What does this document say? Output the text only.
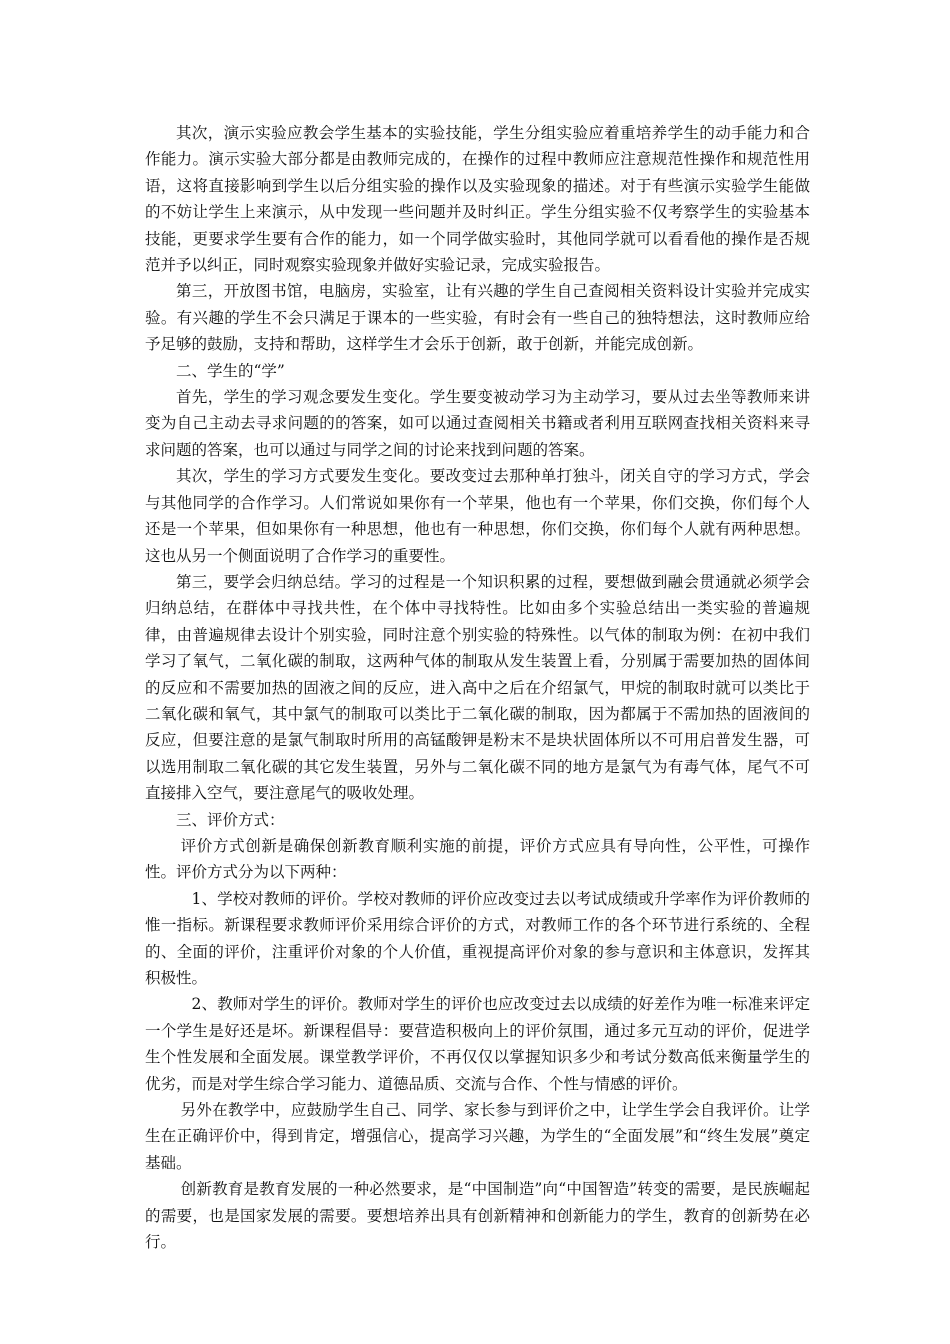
其次，演示实验应教会学生基本的实验技能，学生分组实验应着重培养学生的动手能力和合作能力。演示实验大部分都是由教师完成的，在操作的过程中教师应注意规范性操作和规范性用语，这将直接影响到学生以后分组实验的操作以及实验现象的描述。对于有些演示实验学生能做的不妨让学生上来演示，从中发现一些问题并及时纠正。学生分组实验不仅考察学生的实验基本技能，更要求学生要有合作的能力，如一个同学做实验时，其他同学就可以看看他的操作是否规范并予以纠正，同时观察实验现象并做好实验记录，完成实验报告。

第三，开放图书馆，电脑房，实验室，让有兴趣的学生自己查阅相关资料设计实验并完成实验。有兴趣的学生不会只满足于课本的一些实验，有时会有一些自己的独特想法，这时教师应给予足够的鼓励，支持和帮助，这样学生才会乐于创新，敢于创新，并能完成创新。

二、学生的“学”

首先，学生的学习观念要发生变化。学生要变被动学习为主动学习，要从过去坐等教师来讲变为自己主动去寻求问题的的答案，如可以通过查阅相关书籍或者利用互联网查找相关资料来寻求问题的答案，也可以通过与同学之间的讨论来找到问题的答案。

其次，学生的学习方式要发生变化。要改变过去那种单打独斗，闭关自守的学习方式，学会与其他同学的合作学习。人们常说如果你有一个苹果，他也有一个苹果，你们交换，你们每个人还是一个苹果，但如果你有一种思想，他也有一种思想，你们交换，你们每个人就有两种思想。这也从另一个侧面说明了合作学习的重要性。

第三，要学会归纳总结。学习的过程是一个知识积累的过程，要想做到融会贯通就必须学会归纳总结，在群体中寻找共性，在个体中寻找特性。比如由多个实验总结出一类实验的普遍规律，由普遍规律去设计个别实验，同时注意个别实验的特殊性。以气体的制取为例：在初中我们学习了氧气，二氧化碳的制取，这两种气体的制取从发生装置上看，分别属于需要加热的固体间的反应和不需要加热的固液之间的反应，进入高中之后在介绍氯气，甲烷的制取时就可以类比于二氧化碳和氧气，其中氯气的制取可以类比于二氧化碳的制取，因为都属于不需加热的固液间的反应，但要注意的是氯气制取时所用的高锰酸钾是粉末不是块状固体所以不可用启普发生器，可以选用制取二氧化碳的其它发生装置，另外与二氧化碳不同的地方是氯气为有毒气体，尾气不可直接排入空气，要注意尾气的吸收处理。

三、评价方式：

评价方式创新是确保创新教育顺利实施的前提，评价方式应具有导向性，公平性，可操作性。评价方式分为以下两种：

1、学校对教师的评价。学校对教师的评价应改变过去以考试成绩或升学率作为评价教师的惟一指标。新课程要求教师评价采用综合评价的方式，对教师工作的各个环节进行系统的、全程的、全面的评价，注重评价对象的个人价值，重视提高评价对象的参与意识和主体意识，发挥其积极性。

2、教师对学生的评价。教师对学生的评价也应改变过去以成绩的好差作为唯一标准来评定一个学生是好还是坏。新课程倡导：要营造积极向上的评价氛围，通过多元互动的评价，促进学生个性发展和全面发展。课堂教学评价，不再仅仅以掌握知识多少和考试分数高低来衡量学生的优劣，而是对学生综合学习能力、道德品质、交流与合作、个性与情感的评价。

另外在教学中，应鼓励学生自己、同学、家长参与到评价之中，让学生学会自我评价。让学生在正确评价中，得到肯定，增强信心，提高学习兴趣，为学生的“全面发展”和“终生发展”奠定基础。

创新教育是教育发展的一种必然要求，是“中国制造”向“中国智造”转变的需要，是民族崛起的需要，也是国家发展的需要。要想培养出具有创新精神和创新能力的学生，教育的创新势在必行。
